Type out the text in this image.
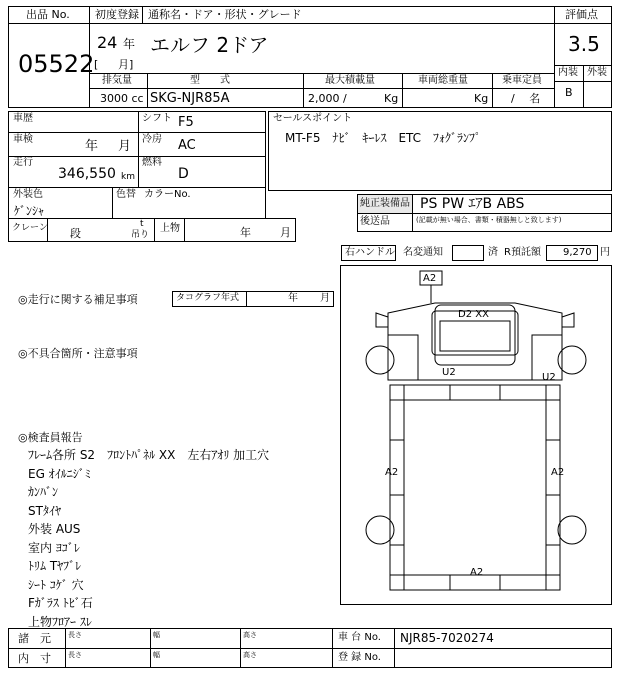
出品 No.
05522
初度登録 通称名・ドア・形状・グレード
24 年
[ 月]
エルフ 2ドア
評価点
3.5
内装 外装
B
排気量	型　　式	最大積載量	車両総重量	乗車定員
3000 cc SKG-NJR85A	2,000 /	Kg	Kg /　 名
車歴
車検	年 月
走行
346,550 km
シフト F5
冷房 AC
燃料
D
外装色
ｹﾞﾝｼｬ
色替 カラーNo.
セールスポイント
MT-F5　ﾅﾋﾞ　ｷｰﾚｽ　ETC　ﾌｫｸﾞﾗﾝﾌﾟ
純正装備品 PS PW ｴｱB ABS
後送品	(記載が無い場合、書類・積器無しと致します)
クレーン 段
t
吊り
上物	年	月
右ハンドル 名変通知	済 R預託額 9,270 円
◎走行に関する補足事項	タコグラフ年式	年 月
◎不具合箇所・注意事項
◎検査員報告
ﾌﾚｰﾑ各所 S2　ﾌﾛﾝﾄﾊﾟﾈﾙ XX　左右ｱｵﾘ 加工穴
EG ｵｲﾙﾆｼﾞﾐ
ｶﾝﾊﾞﾝ
STﾀｲﾔ
外装 AUS
室内 ﾖｺﾞﾚ
ﾄﾘﾑ Tﾔﾌﾞﾚ
ｼｰﾄ ｺｹﾞ 穴
Fｶﾞﾗｽ ﾄﾋﾞ石
上物ﾌﾛｱｰ ｽﾚ
A2
D2 XX
U2	U2
A2	A2
A2
諸　元
内　寸
長さ	幅	高さ
長さ	幅	高さ
車 台 No. NJR85-7020274
登 録 No.
